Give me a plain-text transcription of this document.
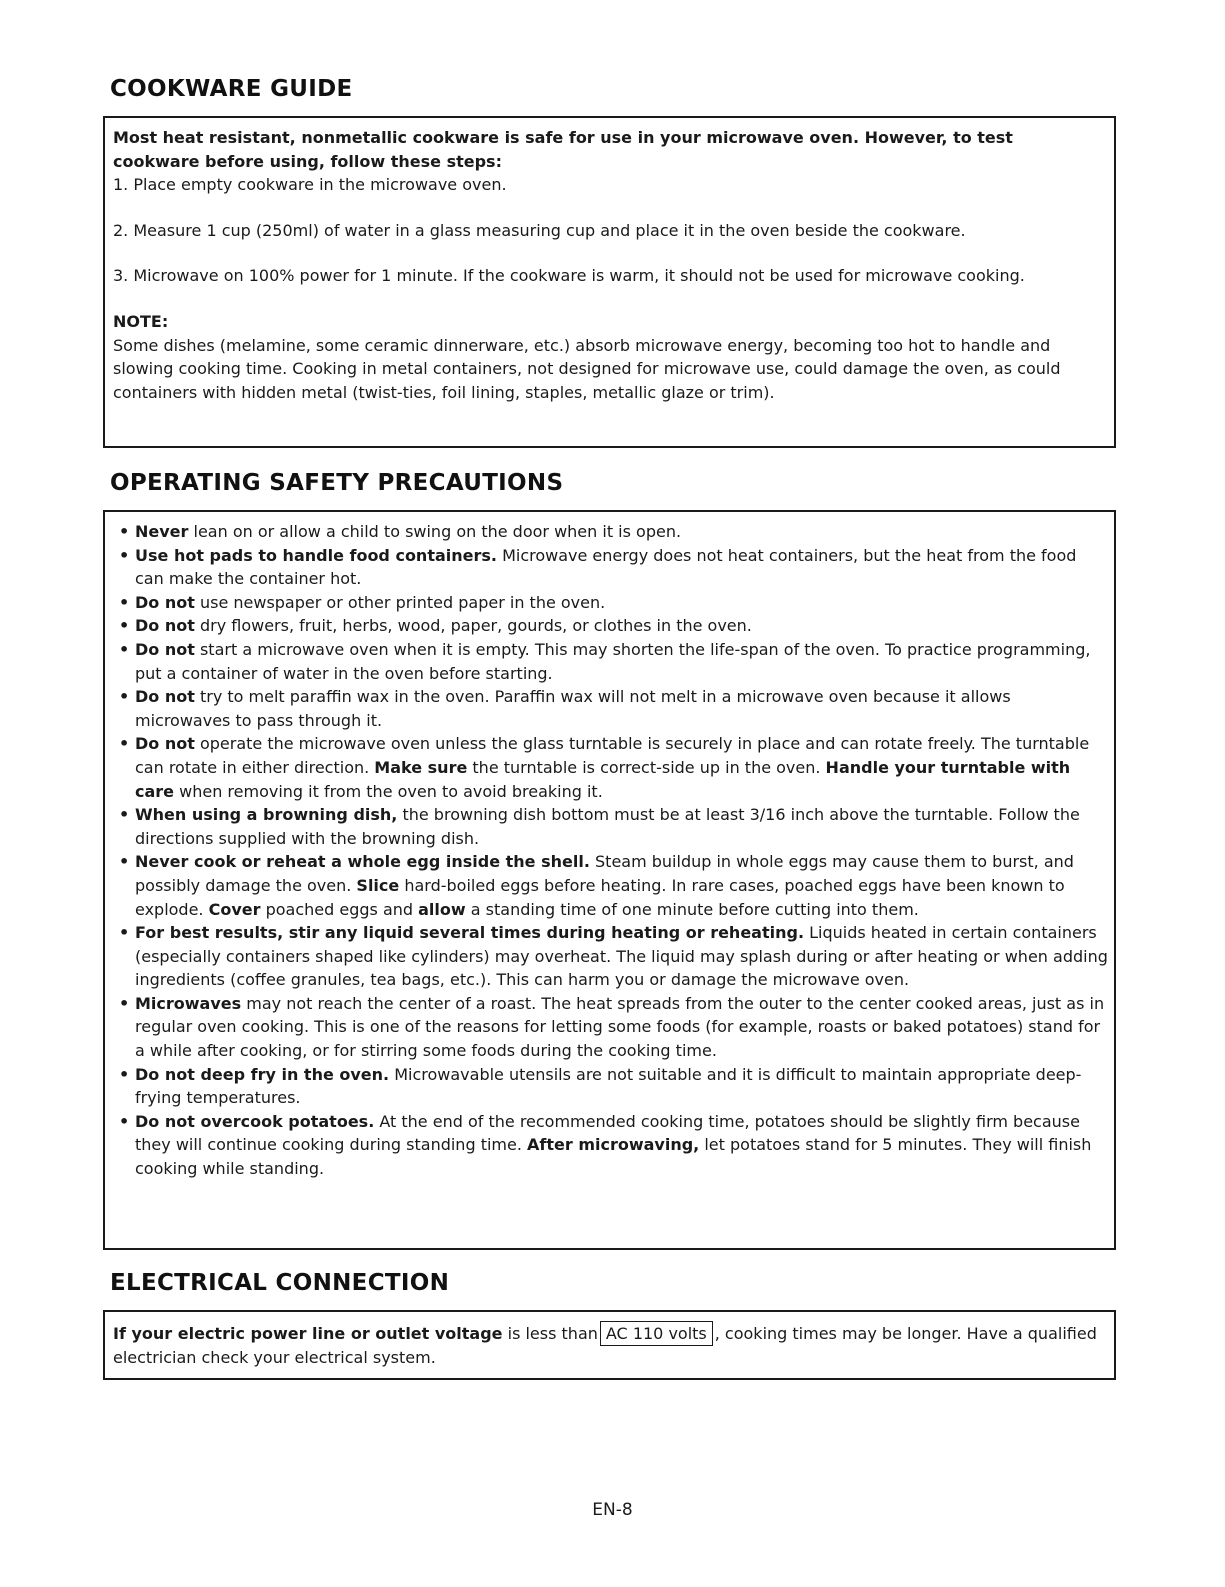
COOKWARE GUIDE

Most heat resistant, nonmetallic cookware is safe for use in your microwave oven. However, to test cookware before using, follow these steps:

1. Place empty cookware in the microwave oven.

2. Measure 1 cup (250ml) of water in a glass measuring cup and place it in the oven beside the cookware.

3. Microwave on 100% power for 1 minute. If the cookware is warm, it should not be used for microwave cooking.

NOTE:

Some dishes (melamine, some ceramic dinnerware, etc.) absorb microwave energy, becoming too hot to handle and slowing cooking time. Cooking in metal containers, not designed for microwave use, could damage the oven, as could containers with hidden metal (twist-ties, foil lining, staples, metallic glaze or trim).

OPERATING SAFETY PRECAUTIONS

• Never lean on or allow a child to swing on the door when it is open.

• Use hot pads to handle food containers. Microwave energy does not heat containers, but the heat from the food can make the container hot.

• Do not use newspaper or other printed paper in the oven.

• Do not dry flowers, fruit, herbs, wood, paper, gourds, or clothes in the oven.

• Do not start a microwave oven when it is empty. This may shorten the life-span of the oven. To practice programming, put a container of water in the oven before starting.

• Do not try to melt paraffin wax in the oven. Paraffin wax will not melt in a microwave oven because it allows microwaves to pass through it.

• Do not operate the microwave oven unless the glass turntable is securely in place and can rotate freely. The turntable can rotate in either direction. Make sure the turntable is correct-side up in the oven. Handle your turntable with care when removing it from the oven to avoid breaking it.

• When using a browning dish, the browning dish bottom must be at least 3/16 inch above the turntable. Follow the directions supplied with the browning dish.

• Never cook or reheat a whole egg inside the shell. Steam buildup in whole eggs may cause them to burst, and possibly damage the oven. Slice hard-boiled eggs before heating. In rare cases, poached eggs have been known to explode. Cover poached eggs and allow a standing time of one minute before cutting into them.

• For best results, stir any liquid several times during heating or reheating. Liquids heated in certain containers (especially containers shaped like cylinders) may overheat. The liquid may splash during or after heating or when adding ingredients (coffee granules, tea bags, etc.). This can harm you or damage the microwave oven.

• Microwaves may not reach the center of a roast. The heat spreads from the outer to the center cooked areas, just as in regular oven cooking. This is one of the reasons for letting some foods (for example, roasts or baked potatoes) stand for a while after cooking, or for stirring some foods during the cooking time.

• Do not deep fry in the oven. Microwavable utensils are not suitable and it is difficult to maintain appropriate deep-frying temperatures.

• Do not overcook potatoes. At the end of the recommended cooking time, potatoes should be slightly firm because they will continue cooking during standing time. After microwaving, let potatoes stand for 5 minutes. They will finish cooking while standing.

ELECTRICAL CONNECTION

If your electric power line or outlet voltage is less than AC 110 volts , cooking times may be longer. Have a qualified electrician check your electrical system.

EN-8
